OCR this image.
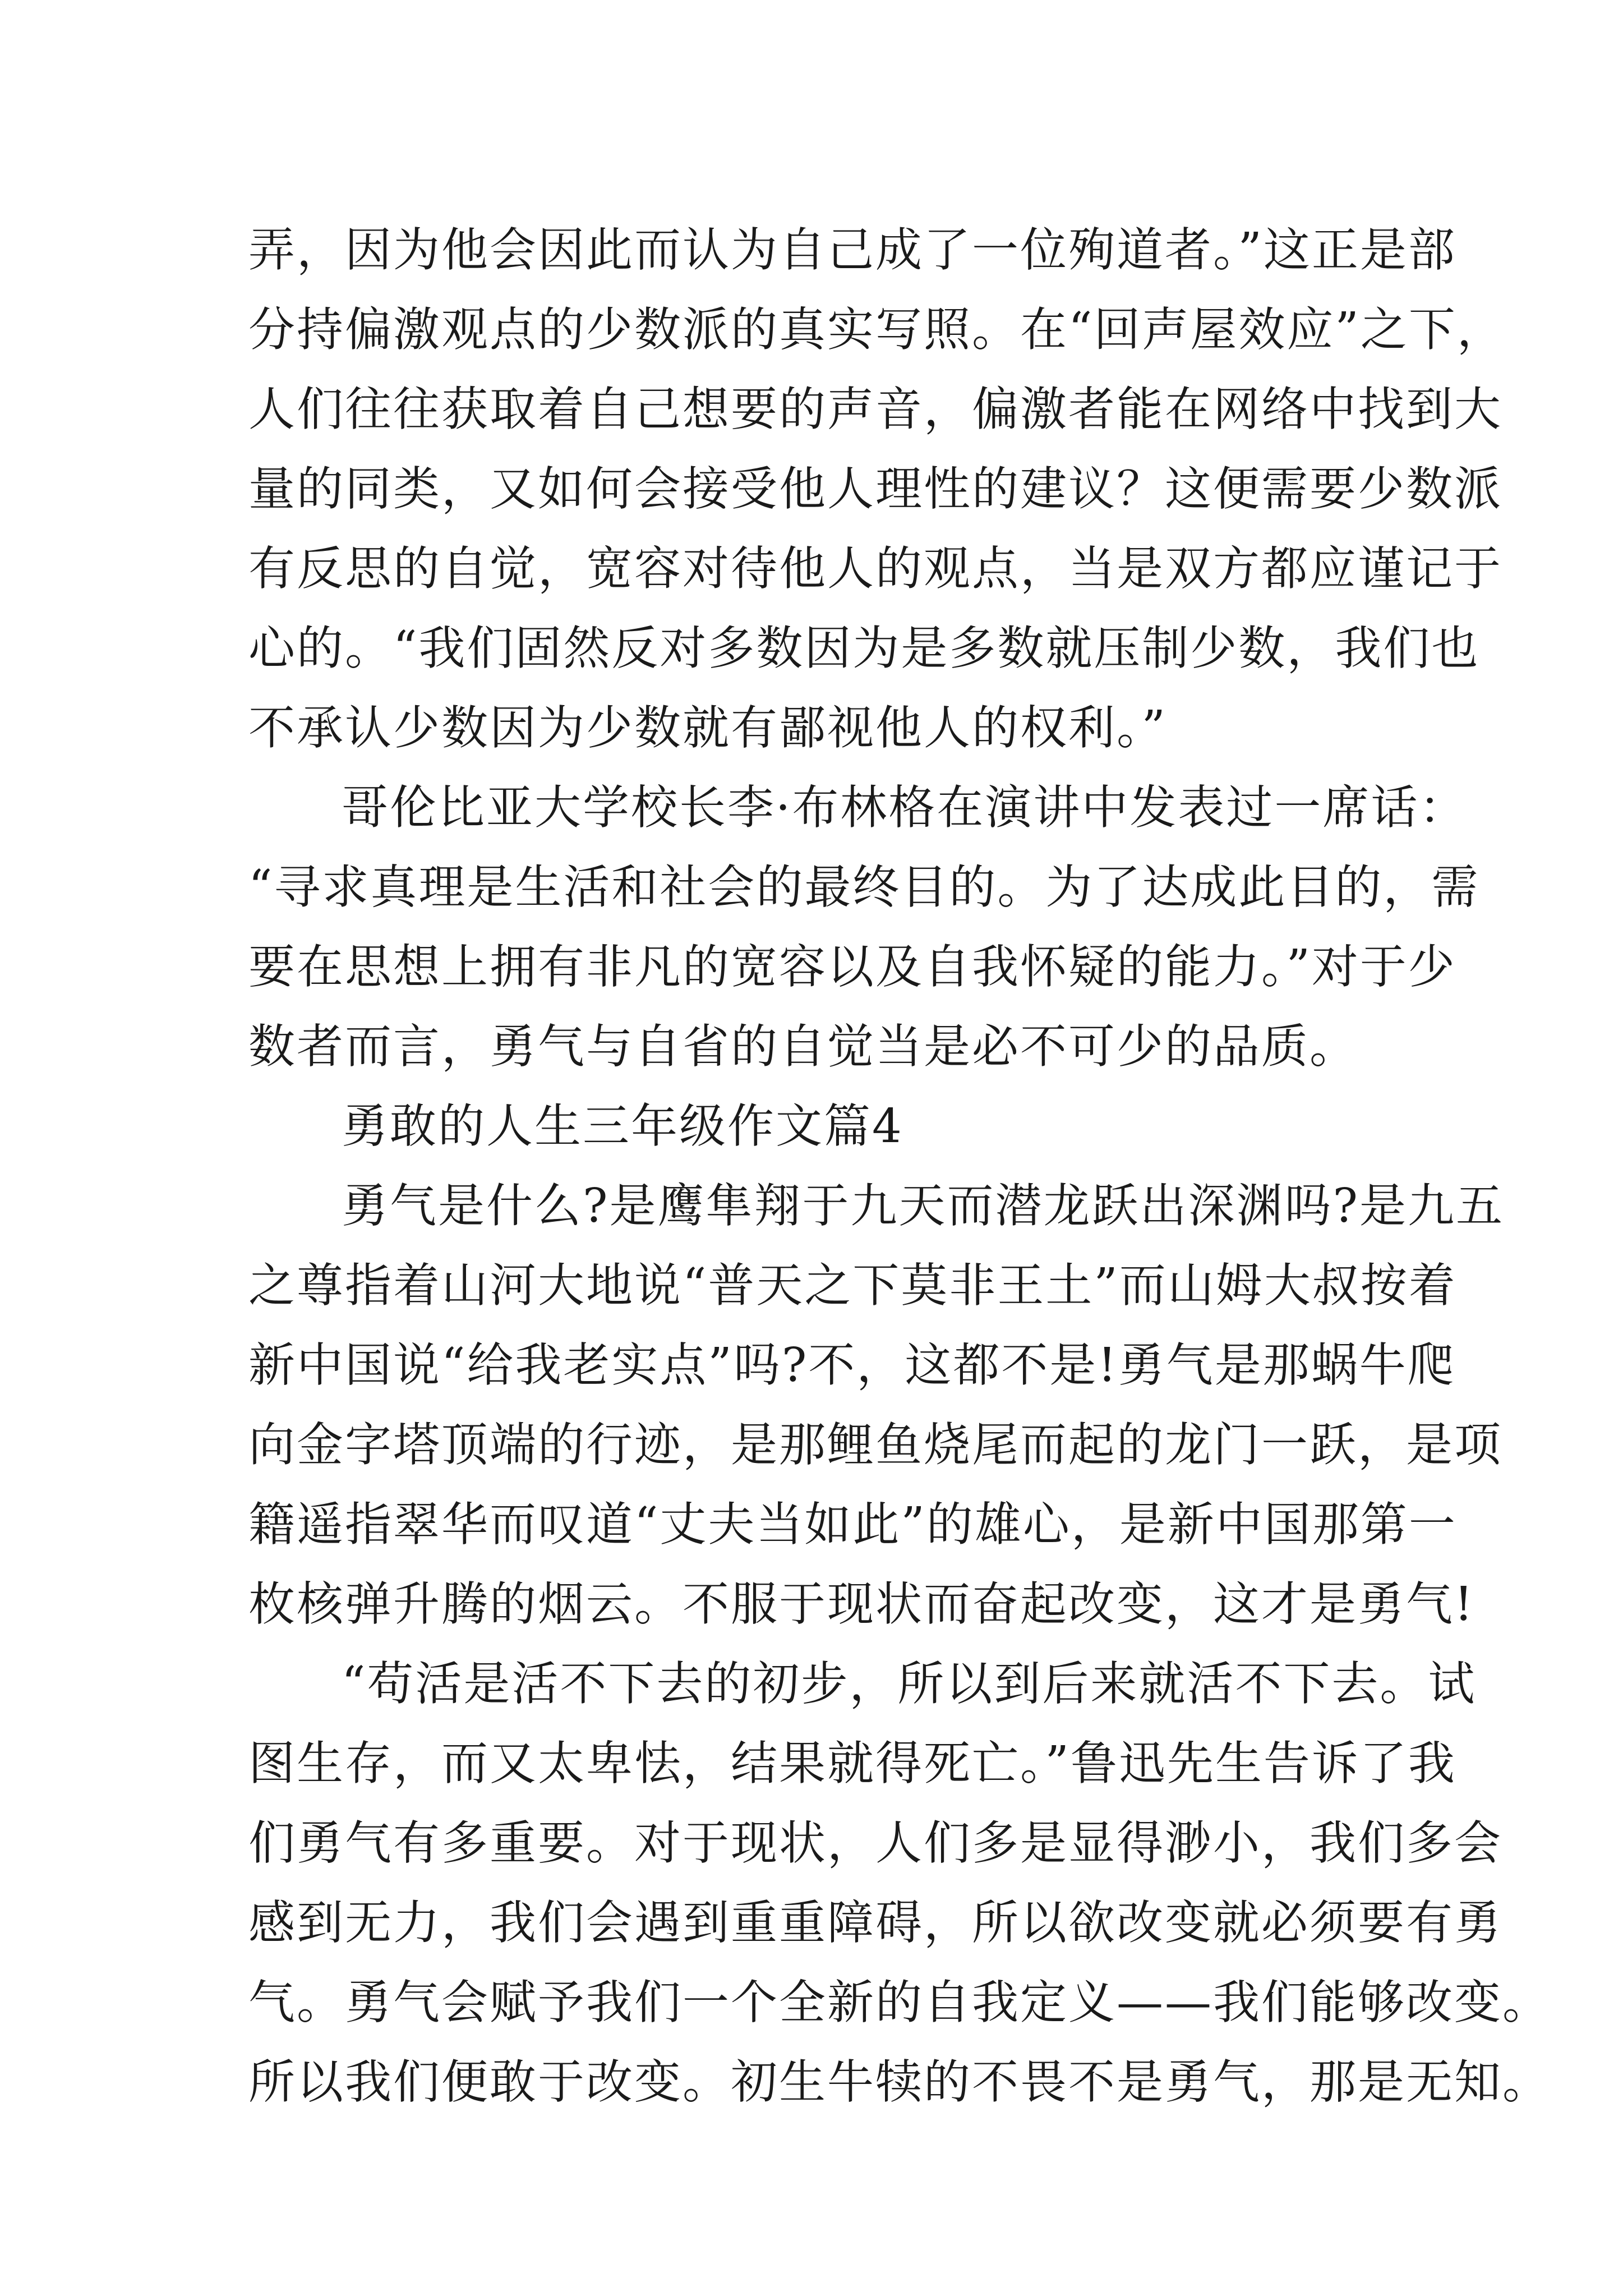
弄，因为他会因此而认为自己成了一位殉道者。”这正是部
分持偏激观点的少数派的真实写照。在“回声屋效应”之下，
人们往往获取着自己想要的声音，偏激者能在网络中找到大
量的同类，又如何会接受他人理性的建议？这便需要少数派
有反思的自觉，宽容对待他人的观点，当是双方都应谨记于
心的。“我们固然反对多数因为是多数就压制少数，我们也
不承认少数因为少数就有鄙视他人的权利。”
哥伦比亚大学校长李·布林格在演讲中发表过一席话：
“寻求真理是生活和社会的最终目的。为了达成此目的，需
要在思想上拥有非凡的宽容以及自我怀疑的能力。”对于少
数者而言，勇气与自省的自觉当是必不可少的品质。
勇敢的人生三年级作文篇4
勇气是什么?是鹰隼翔于九天而潜龙跃出深渊吗?是九五
之尊指着山河大地说“普天之下莫非王土”而山姆大叔按着
新中国说“给我老实点”吗?不，这都不是!勇气是那蜗牛爬
向金字塔顶端的行迹，是那鲤鱼烧尾而起的龙门一跃，是项
籍遥指翠华而叹道“丈夫当如此”的雄心，是新中国那第一
枚核弹升腾的烟云。不服于现状而奋起改变，这才是勇气!
“苟活是活不下去的初步，所以到后来就活不下去。试
图生存，而又太卑怯，结果就得死亡。”鲁迅先生告诉了我
们勇气有多重要。对于现状，人们多是显得渺小，我们多会
感到无力，我们会遇到重重障碍，所以欲改变就必须要有勇
气。勇气会赋予我们一个全新的自我定义——我们能够改变。
所以我们便敢于改变。初生牛犊的不畏不是勇气，那是无知。
